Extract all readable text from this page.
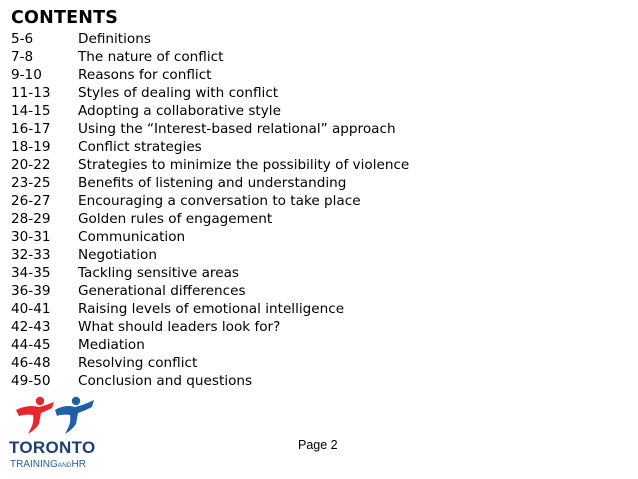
CONTENTS
5-6	Definitions
7-8	The nature of conflict
9-10	Reasons for conflict
11-13 Styles of dealing with conflict
14-15 Adopting a collaborative style
16-17 Using the “Interest-based relational” approach
18-19 Conflict strategies
20-22 Strategies to minimize the possibility of violence
23-25 Benefits of listening and understanding
26-27 Encouraging a conversation to take place
28-29 Golden rules of engagement
30-31 Communication
32-33 Negotiation
34-35 Tackling sensitive areas
36-39 Generational differences
40-41 Raising levels of emotional intelligence
42-43 What should leaders look for?
44-45 Mediation
46-48 Resolving conflict
49-50 Conclusion and questions
TORONTO
TRAININGANDHR
Page 2
